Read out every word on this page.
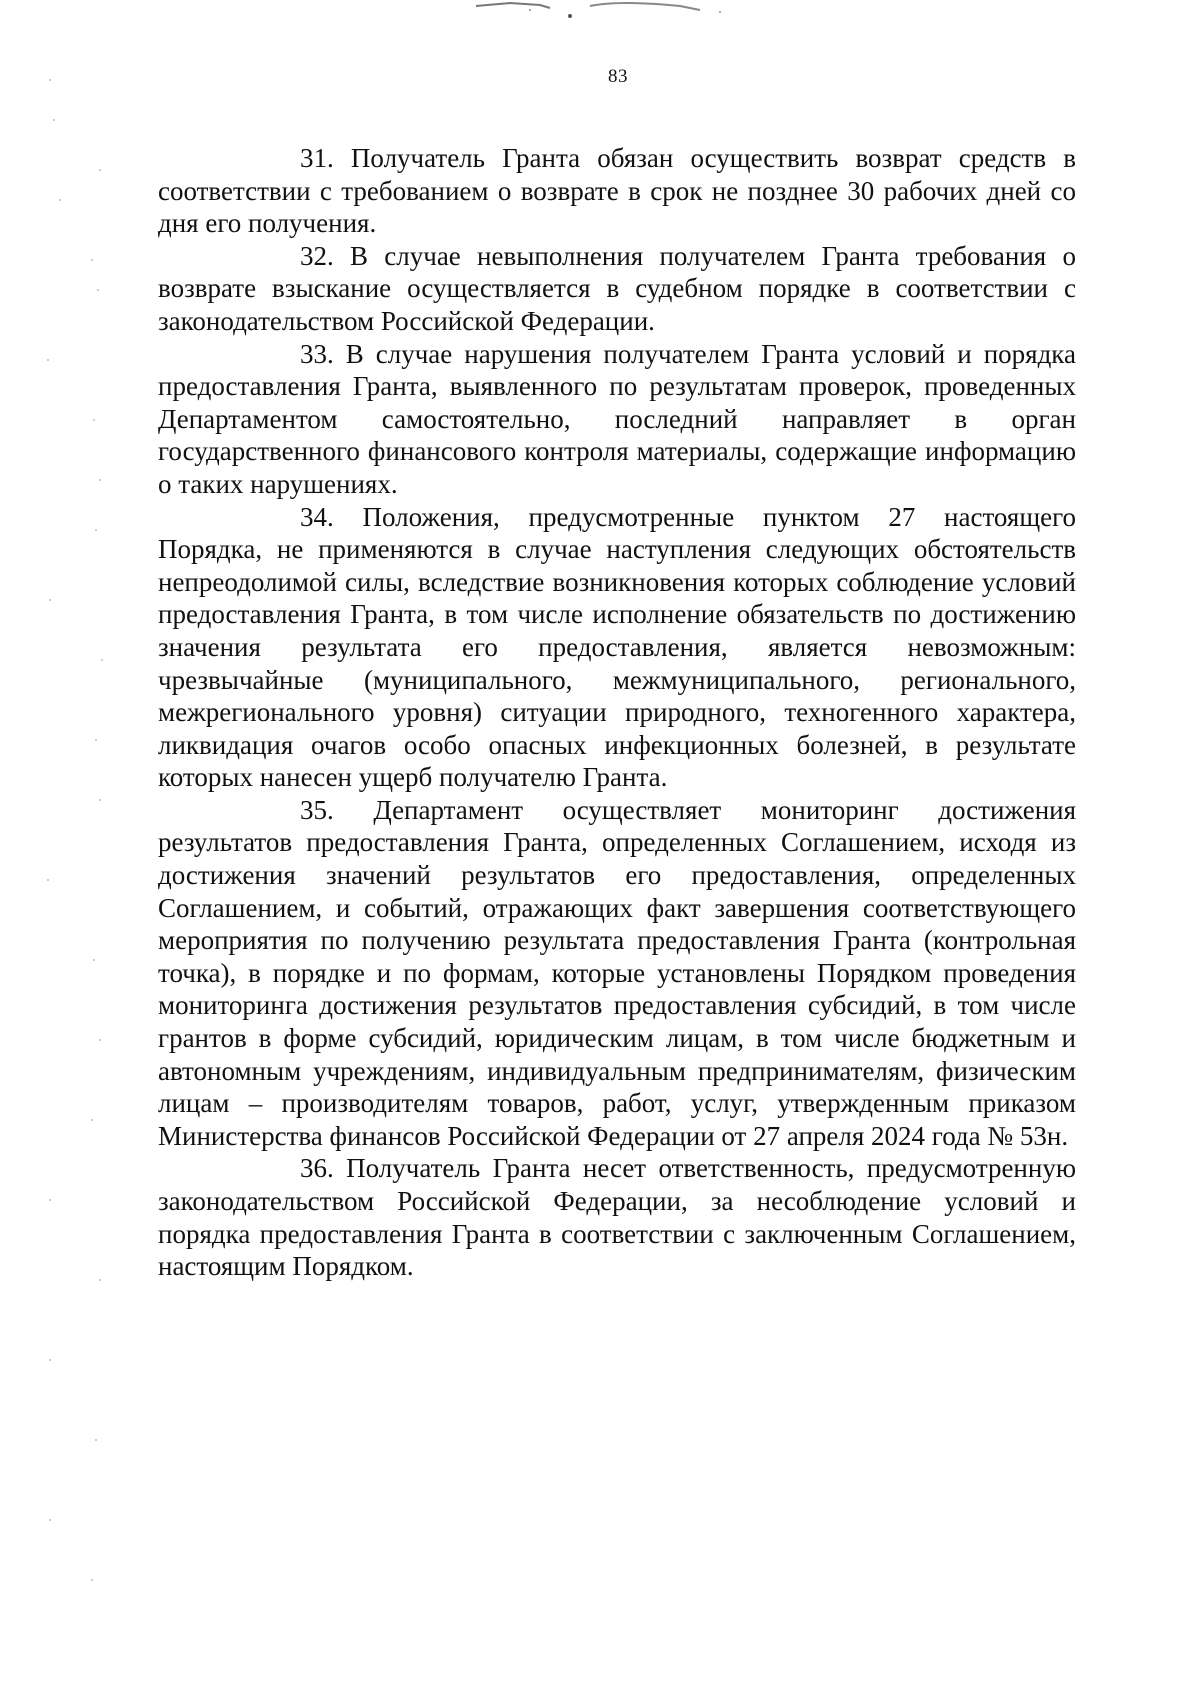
83

31. Получатель Гранта обязан осуществить возврат средств в соответствии с требованием о возврате в срок не позднее 30 рабочих дней со дня его получения.

32. В случае невыполнения получателем Гранта требования о возврате взыскание осуществляется в судебном порядке в соответствии с законодательством Российской Федерации.

33. В случае нарушения получателем Гранта условий и порядка предоставления Гранта, выявленного по результатам проверок, проведенных Департаментом самостоятельно, последний направляет в орган государственного финансового контроля материалы, содержащие информацию о таких нарушениях.

34. Положения, предусмотренные пунктом 27 настоящего Порядка, не применяются в случае наступления следующих обстоятельств непреодолимой силы, вследствие возникновения которых соблюдение условий предоставления Гранта, в том числе исполнение обязательств по достижению значения результата его предоставления, является невозможным: чрезвычайные (муниципального, межмуниципального, регионального, межрегионального уровня) ситуации природного, техногенного характера, ликвидация очагов особо опасных инфекционных болезней, в результате которых нанесен ущерб получателю Гранта.

35. Департамент осуществляет мониторинг достижения результатов предоставления Гранта, определенных Соглашением, исходя из достижения значений результатов его предоставления, определенных Соглашением, и событий, отражающих факт завершения соответствующего мероприятия по получению результата предоставления Гранта (контрольная точка), в порядке и по формам, которые установлены Порядком проведения мониторинга достижения результатов предоставления субсидий, в том числе грантов в форме субсидий, юридическим лицам, в том числе бюджетным и автономным учреждениям, индивидуальным предпринимателям, физическим лицам – производителям товаров, работ, услуг, утвержденным приказом Министерства финансов Российской Федерации от 27 апреля 2024 года № 53н.

36. Получатель Гранта несет ответственность, предусмотренную законодательством Российской Федерации, за несоблюдение условий и порядка предоставления Гранта в соответствии с заключенным Соглашением, настоящим Порядком.
